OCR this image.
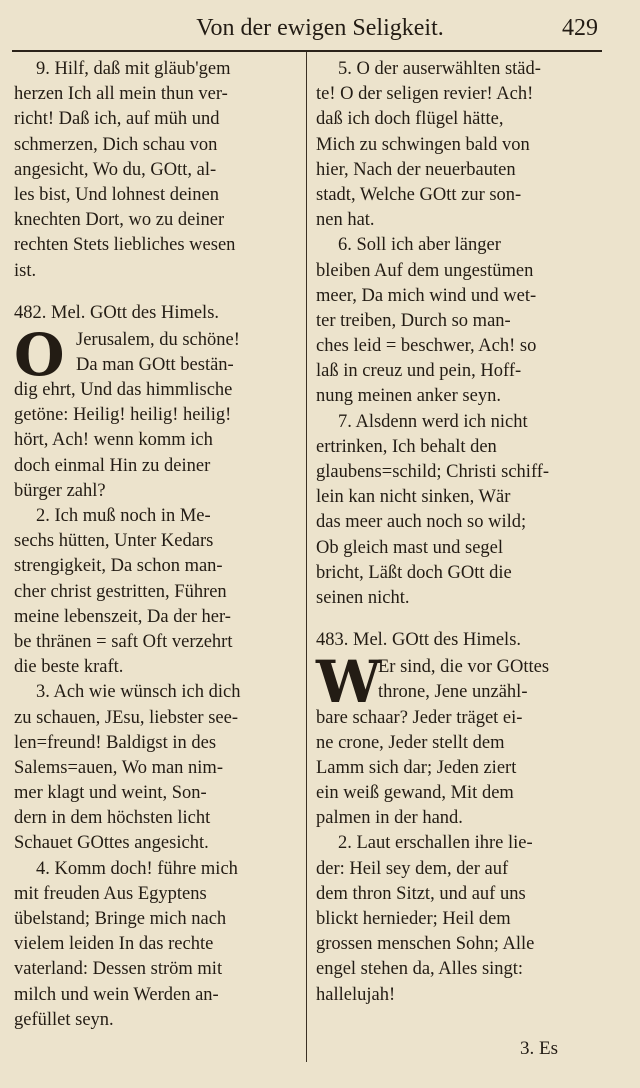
Von der ewigen Seligkeit.	429
9. Hilf, daß mit gläub'gem
herzen Ich all mein thun ver-
richt! Daß ich, auf müh und
schmerzen, Dich schau von
angesicht, Wo du, GOtt, al-
les bist, Und lohnest deinen
knechten Dort, wo zu deiner
rechten Stets liebliches wesen
ist.
482. Mel. GOtt des Himels.
O Jerusalem, du schöne!
Da man GOtt bestän-
dig ehrt, Und das himmlische
getöne: Heilig! heilig! heilig!
hört, Ach! wenn komm ich
doch einmal Hin zu deiner
bürger zahl?
2. Ich muß noch in Me-
sechs hütten, Unter Kedars
strengigkeit, Da schon man-
cher christ gestritten, Führen
meine lebenszeit, Da der her-
be thränen = saft Oft verzehrt
die beste kraft.
3. Ach wie wünsch ich dich
zu schauen, JEsu, liebster see-
len=freund! Baldigst in des
Salems=auen, Wo man nim-
mer klagt und weint, Son-
dern in dem höchsten licht
Schauet GOttes angesicht.
4. Komm doch! führe mich
mit freuden Aus Egyptens
übelstand; Bringe mich nach
vielem leiden In das rechte
vaterland: Dessen ström mit
milch und wein Werden an-
gefüllet seyn.
5. O der auserwählten städ-
te! O der seligen revier! Ach!
daß ich doch flügel hätte,
Mich zu schwingen bald von
hier, Nach der neuerbauten
stadt, Welche GOtt zur son-
nen hat.
6. Soll ich aber länger
bleiben Auf dem ungestümen
meer, Da mich wind und wet-
ter treiben, Durch so man-
ches leid = beschwer, Ach! so
laß in creuz und pein, Hoff-
nung meinen anker seyn.
7. Alsdenn werd ich nicht
ertrinken, Ich behalt den
glaubens=schild; Christi schiff-
lein kan nicht sinken, Wär
das meer auch noch so wild;
Ob gleich mast und segel
bricht, Läßt doch GOtt die
seinen nicht.
483. Mel. GOtt des Himels.
W
Er sind, die vor GOttes
throne, Jene unzähl-
bare schaar? Jeder träget ei-
ne crone, Jeder stellt dem
Lamm sich dar; Jeden ziert
ein weiß gewand, Mit dem
palmen in der hand.
2. Laut erschallen ihre lie-
der: Heil sey dem, der auf
dem thron Sitzt, und auf uns
blickt hernieder; Heil dem
grossen menschen Sohn; Alle
engel stehen da, Alles singt:
hallelujah!
3. Es
